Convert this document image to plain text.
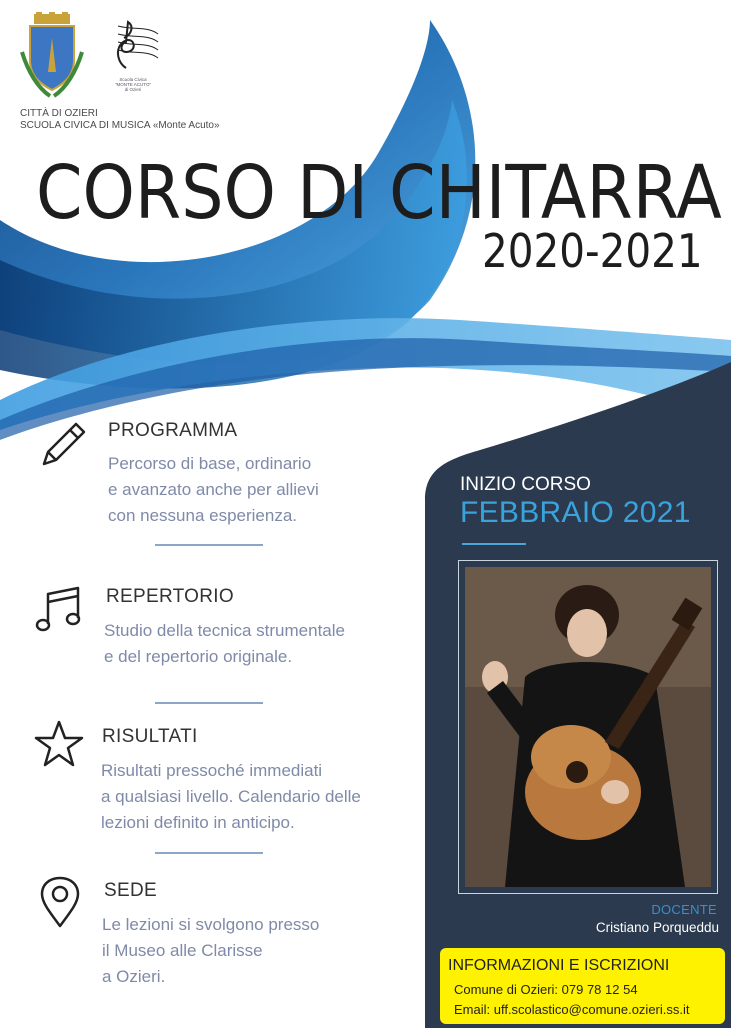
Scuola Civica
"MONTE ACUTO"
di Ozieri
CITTÀ DI OZIERI
SCUOLA CIVICA DI MUSICA «Monte Acuto»
CORSO DI CHITARRA
2020-2021
PROGRAMMA
Percorso di base, ordinario
e avanzato anche per allievi
con nessuna esperienza.
REPERTORIO
Studio della tecnica strumentale
e del repertorio originale.
RISULTATI
Risultati pressoché immediati
a qualsiasi livello. Calendario delle
lezioni definito in anticipo.
SEDE
Le lezioni si svolgono presso
il Museo alle Clarisse
a Ozieri.
INIZIO CORSO
FEBBRAIO 2021
DOCENTE
Cristiano Porqueddu
INFORMAZIONI E ISCRIZIONI
Comune di Ozieri: 079 78 12 54
Email: uff.scolastico@comune.ozieri.ss.it
